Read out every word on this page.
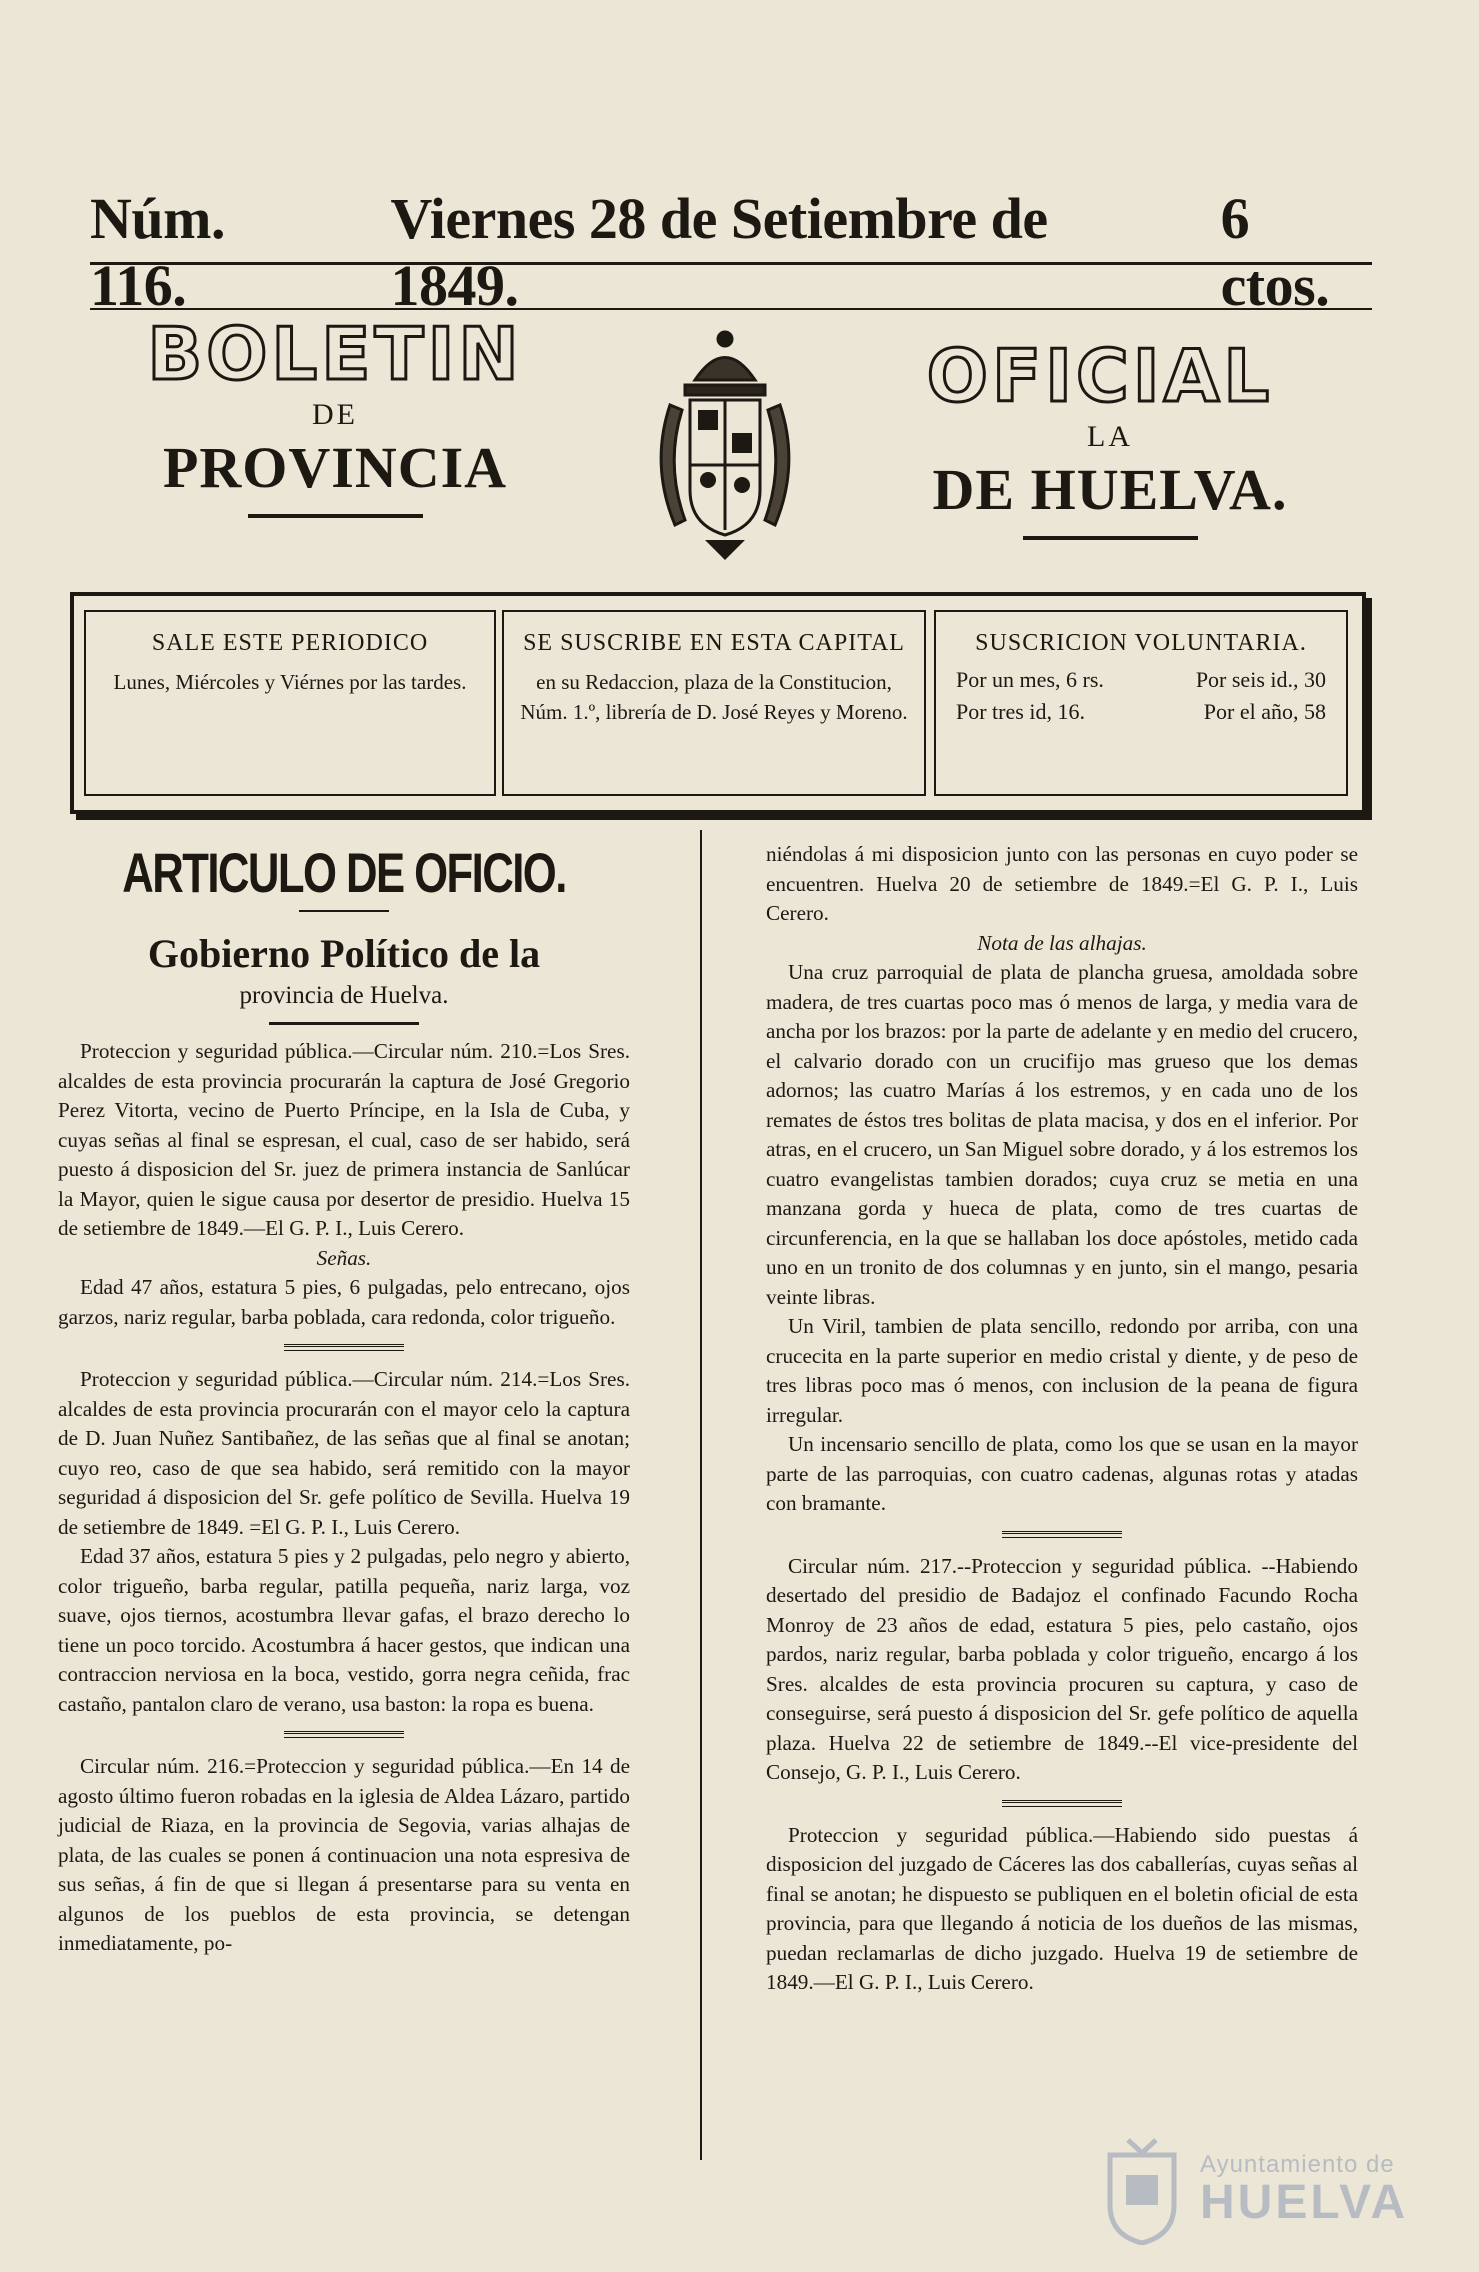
Núm. 116.
Viernes 28 de Setiembre de 1849.
6 ctos.
BOLETIN
DE
PROVINCIA
OFICIAL
LA
DE HUELVA.
SALE ESTE PERIODICO

Lunes, Miércoles y Viérnes por las tardes.

SE SUSCRIBE EN ESTA CAPITAL

en su Redaccion, plaza de la Constitucion, Núm. 1.º, librería de D. José Reyes y Moreno.

SUSCRICION VOLUNTARIA.
Por un mes, 6 rs.	Por seis id., 30
Por tres id, 16.	Por el año, 58
ARTICULO DE OFICIO.
Gobierno Político de la
provincia de Huelva.

Proteccion y seguridad pública.—Circular núm. 210.=Los Sres. alcaldes de esta provincia procurarán la captura de José Gregorio Perez Vitorta, vecino de Puerto Príncipe, en la Isla de Cuba, y cuyas señas al final se espresan, el cual, caso de ser habido, será puesto á disposicion del Sr. juez de primera instancia de Sanlúcar la Mayor, quien le sigue causa por desertor de presidio. Huelva 15 de setiembre de 1849.—El G. P. I., Luis Cerero.

Señas.

Edad 47 años, estatura 5 pies, 6 pulgadas, pelo entrecano, ojos garzos, nariz regular, barba poblada, cara redonda, color trigueño.

Proteccion y seguridad pública.—Circular núm. 214.=Los Sres. alcaldes de esta provincia procurarán con el mayor celo la captura de D. Juan Nuñez Santibañez, de las señas que al final se anotan; cuyo reo, caso de que sea habido, será remitido con la mayor seguridad á disposicion del Sr. gefe político de Sevilla. Huelva 19 de setiembre de 1849. =El G. P. I., Luis Cerero.

Edad 37 años, estatura 5 pies y 2 pulgadas, pelo negro y abierto, color trigueño, barba regular, patilla pequeña, nariz larga, voz suave, ojos tiernos, acostumbra llevar gafas, el brazo derecho lo tiene un poco torcido. Acostumbra á hacer gestos, que indican una contraccion nerviosa en la boca, vestido, gorra negra ceñida, frac castaño, pantalon claro de verano, usa baston: la ropa es buena.

Circular núm. 216.=Proteccion y seguridad pública.—En 14 de agosto último fueron robadas en la iglesia de Aldea Lázaro, partido judicial de Riaza, en la provincia de Segovia, varias alhajas de plata, de las cuales se ponen á continuacion una nota espresiva de sus señas, á fin de que si llegan á presentarse para su venta en algunos de los pueblos de esta provincia, se detengan inmediatamente, po-

niéndolas á mi disposicion junto con las personas en cuyo poder se encuentren. Huelva 20 de setiembre de 1849.=El G. P. I., Luis Cerero.

Nota de las alhajas.

Una cruz parroquial de plata de plancha gruesa, amoldada sobre madera, de tres cuartas poco mas ó menos de larga, y media vara de ancha por los brazos: por la parte de adelante y en medio del crucero, el calvario dorado con un crucifijo mas grueso que los demas adornos; las cuatro Marías á los estremos, y en cada uno de los remates de éstos tres bolitas de plata macisa, y dos en el inferior. Por atras, en el crucero, un San Miguel sobre dorado, y á los estremos los cuatro evangelistas tambien dorados; cuya cruz se metia en una manzana gorda y hueca de plata, como de tres cuartas de circunferencia, en la que se hallaban los doce apóstoles, metido cada uno en un tronito de dos columnas y en junto, sin el mango, pesaria veinte libras.

Un Viril, tambien de plata sencillo, redondo por arriba, con una crucecita en la parte superior en medio cristal y diente, y de peso de tres libras poco mas ó menos, con inclusion de la peana de figura irregular.

Un incensario sencillo de plata, como los que se usan en la mayor parte de las parroquias, con cuatro cadenas, algunas rotas y atadas con bramante.

Circular núm. 217.--Proteccion y seguridad pública. --Habiendo desertado del presidio de Badajoz el confinado Facundo Rocha Monroy de 23 años de edad, estatura 5 pies, pelo castaño, ojos pardos, nariz regular, barba poblada y color trigueño, encargo á los Sres. alcaldes de esta provincia procuren su captura, y caso de conseguirse, será puesto á disposicion del Sr. gefe político de aquella plaza. Huelva 22 de setiembre de 1849.--El vice-presidente del Consejo, G. P. I., Luis Cerero.

Proteccion y seguridad pública.—Habiendo sido puestas á disposicion del juzgado de Cáceres las dos caballerías, cuyas señas al final se anotan; he dispuesto se publiquen en el boletin oficial de esta provincia, para que llegando á noticia de los dueños de las mismas, puedan reclamarlas de dicho juzgado. Huelva 19 de setiembre de 1849.—El G. P. I., Luis Cerero.

Ayuntamiento de
HUELVA
